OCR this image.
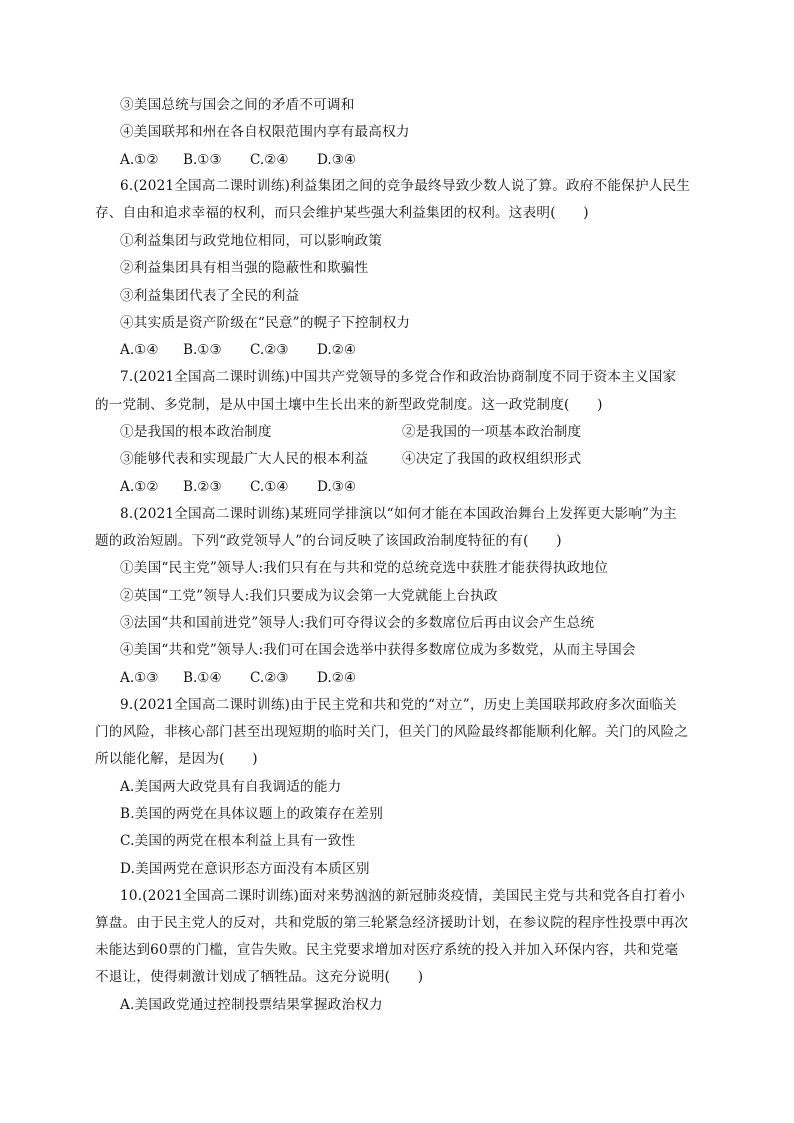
③美国总统与国会之间的矛盾不可调和
④美国联邦和州在各自权限范围内享有最高权力
A.①② B.①③ C.②④ D.③④
6.(2021全国高二课时训练)利益集团之间的竞争最终导致少数人说了算。政府不能保护人民生
存、自由和追求幸福的权利，而只会维护某些强大利益集团的权利。这表明(　　)
①利益集团与政党地位相同，可以影响政策
②利益集团具有相当强的隐蔽性和欺骗性
③利益集团代表了全民的利益
④其实质是资产阶级在“民意”的幌子下控制权力
A.①④ B.①③ C.②③ D.②④
7.(2021全国高二课时训练)中国共产党领导的多党合作和政治协商制度不同于资本主义国家
的一党制、多党制，是从中国土壤中生长出来的新型政党制度。这一政党制度(　　)
①是我国的根本政治制度	②是我国的一项基本政治制度
③能够代表和实现最广大人民的根本利益 ④决定了我国的政权组织形式
A.①② B.②③ C.①④ D.③④
8.(2021全国高二课时训练)某班同学排演以“如何才能在本国政治舞台上发挥更大影响”为主
题的政治短剧。下列“政党领导人”的台词反映了该国政治制度特征的有(　　)
①美国“民主党”领导人:我们只有在与共和党的总统竞选中获胜才能获得执政地位
②英国“工党”领导人:我们只要成为议会第一大党就能上台执政
③法国“共和国前进党”领导人:我们可夺得议会的多数席位后再由议会产生总统
④美国“共和党”领导人:我们可在国会选举中获得多数席位成为多数党，从而主导国会
A.①③ B.①④ C.②③ D.②④
9.(2021全国高二课时训练)由于民主党和共和党的“对立”，历史上美国联邦政府多次面临关
门的风险，非核心部门甚至出现短期的临时关门，但关门的风险最终都能顺利化解。关门的风险之
所以能化解，是因为(　　)
A.美国两大政党具有自我调适的能力
B.美国的两党在具体议题上的政策存在差别
C.美国的两党在根本利益上具有一致性
D.美国两党在意识形态方面没有本质区别
10.(2021全国高二课时训练)面对来势汹汹的新冠肺炎疫情，美国民主党与共和党各自打着小
算盘。由于民主党人的反对，共和党版的第三轮紧急经济援助计划，在参议院的程序性投票中再次
未能达到60票的门槛，宣告失败。民主党要求增加对医疗系统的投入并加入环保内容，共和党毫
不退让，使得刺激计划成了牺牲品。这充分说明(　　)
A.美国政党通过控制投票结果掌握政治权力
